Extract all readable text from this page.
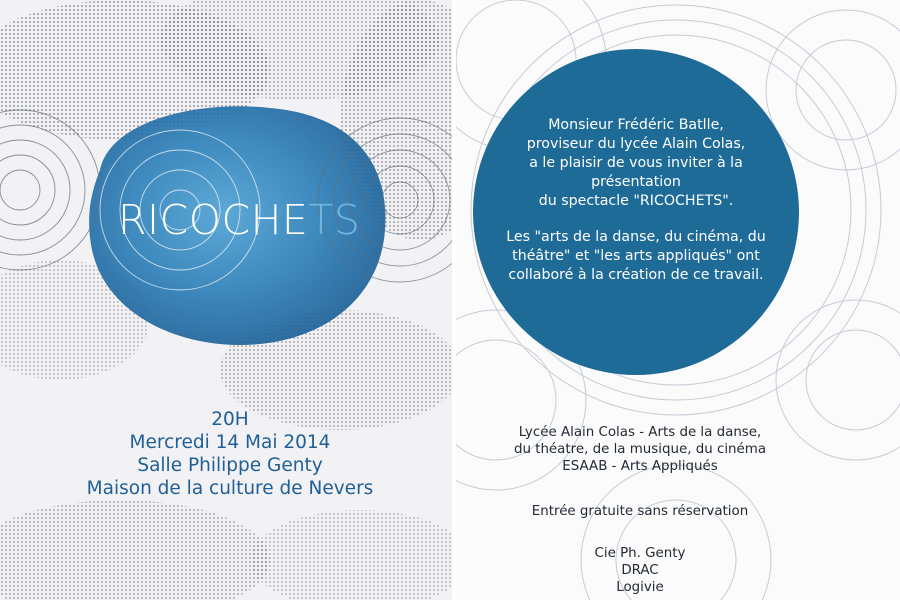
RICOCHETS
20H
Mercredi 14 Mai 2014
Salle Philippe Genty
Maison de la culture de Nevers
Monsieur Frédéric Batlle,
proviseur du lycée Alain Colas,
a le plaisir de vous inviter à la
présentation
du spectacle "RICOCHETS".
Les "arts de la danse, du cinéma, du
théâtre" et "les arts appliqués" ont
collaboré à la création de ce travail.
Lycée Alain Colas - Arts de la danse,
du théatre, de la musique, du cinéma
ESAAB - Arts Appliqués
Entrée gratuite sans réservation
Cie Ph. Genty
DRAC
Logivie
